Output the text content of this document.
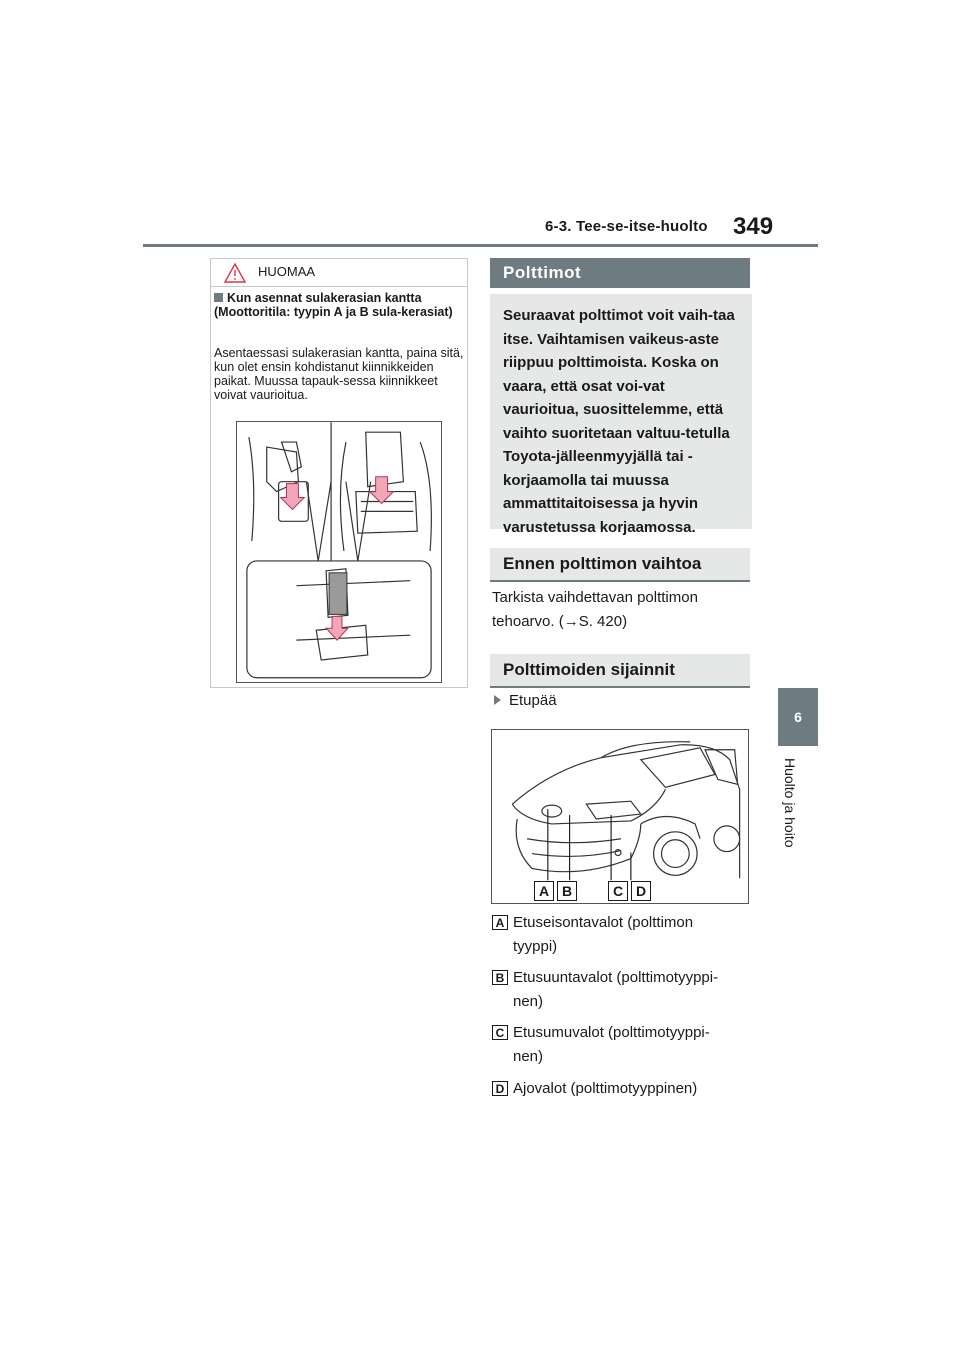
6-3. Tee-se-itse-huolto 349
6
Huolto ja hoito
HUOMAA
Kun asennat sulakerasian kantta (Moottoritila: tyypin A ja B sula-kerasiat)
Asentaessasi sulakerasian kantta, paina sitä, kun olet ensin kohdistanut kiinnikkeiden paikat. Muussa tapauk-sessa kiinnikkeet voivat vaurioitua.
Polttimot
Seuraavat polttimot voit vaih-taa itse. Vaihtamisen vaikeus-aste riippuu polttimoista. Koska on vaara, että osat voi-vat vaurioitua, suosittelemme, että vaihto suoritetaan valtuu-tetulla Toyota-jälleenmyyjällä tai -korjaamolla tai muussa ammattitaitoisessa ja hyvin varustetussa korjaamossa.
Ennen polttimon vaihtoa
Tarkista vaihdettavan polttimon tehoarvo. (→S. 420)
Polttimoiden sijainnit
Etupää
A B	C D
A Etuseisontavalot (polttimon tyyppi)
B Etusuuntavalot (polttimotyyppi-nen)
C Etusumuvalot (polttimotyyppi-nen)
D Ajovalot (polttimotyyppinen)
